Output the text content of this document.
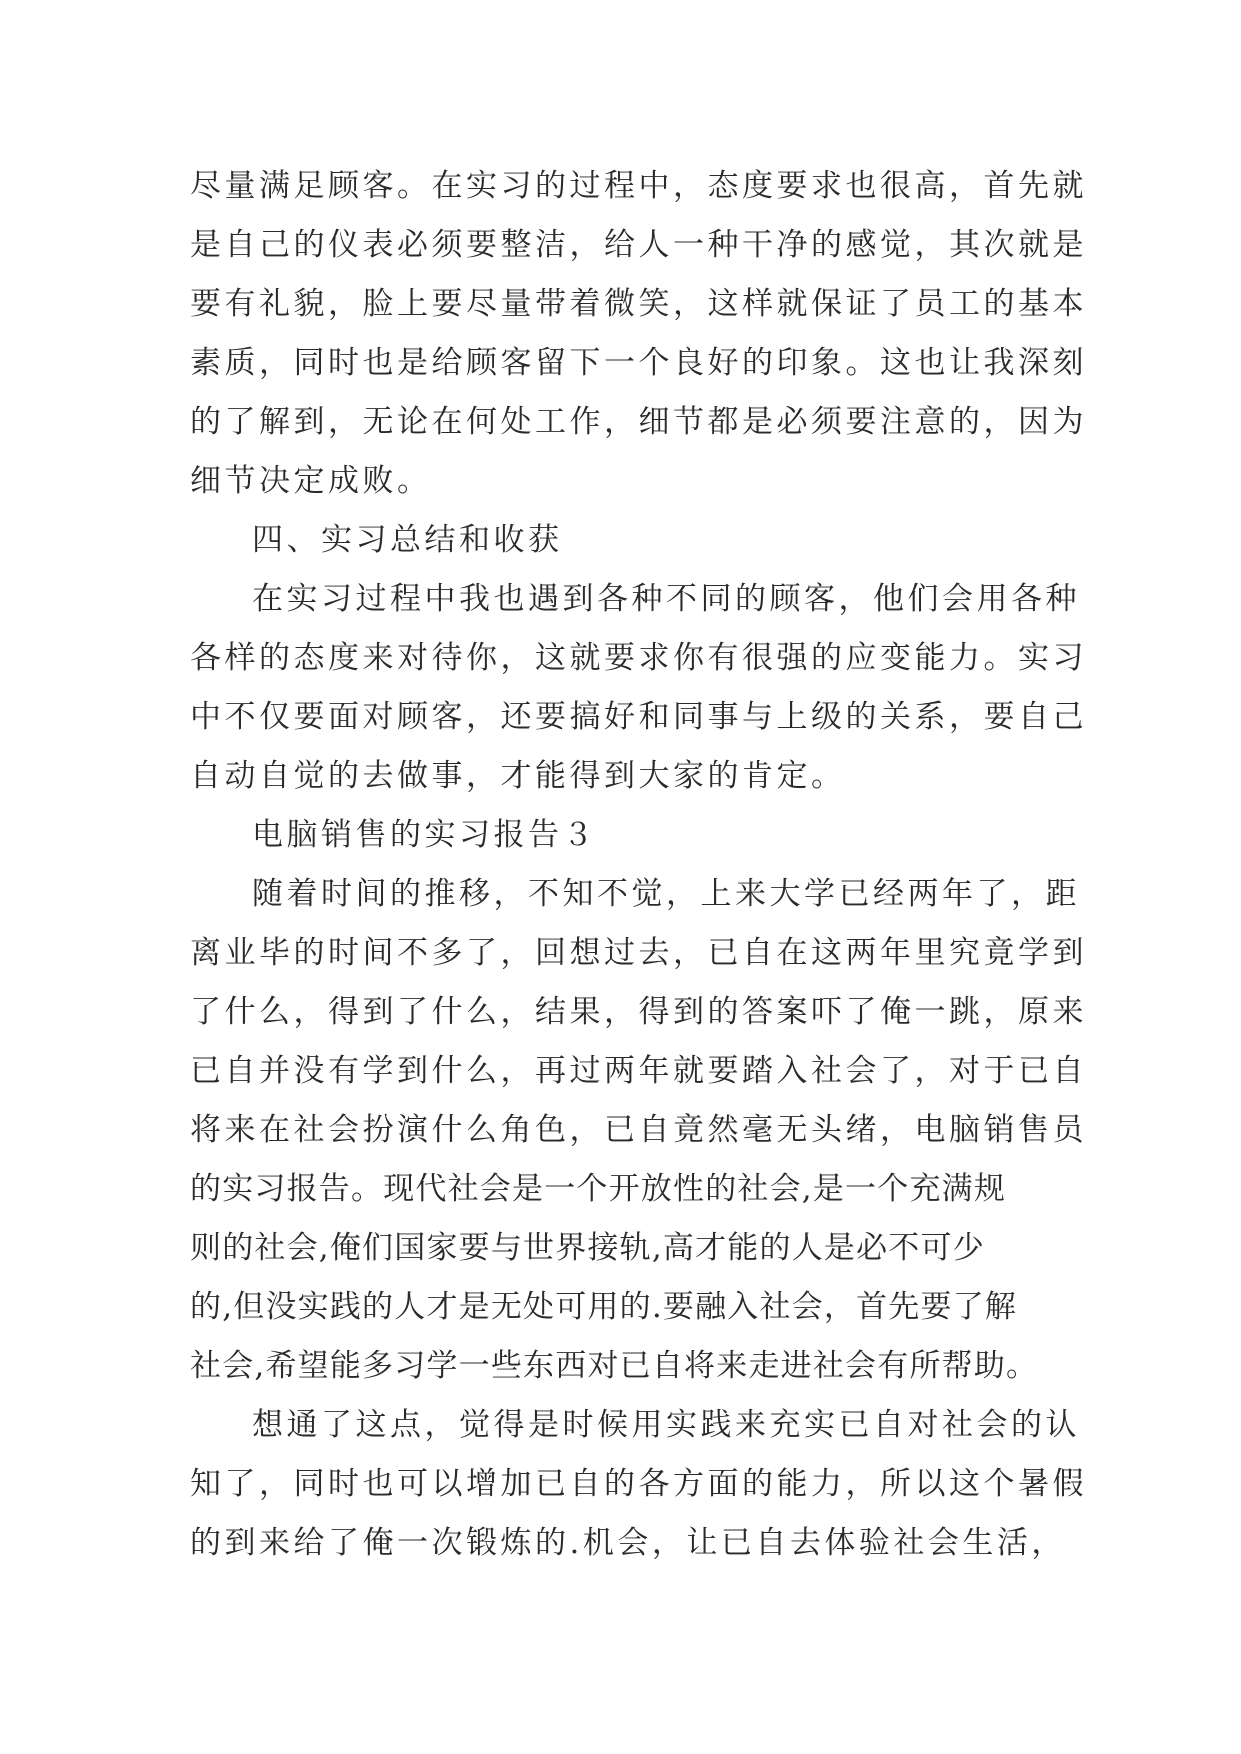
尽量满足顾客。在实习的过程中，态度要求也很高，首先就
是自己的仪表必须要整洁，给人一种干净的感觉，其次就是
要有礼貌，脸上要尽量带着微笑，这样就保证了员工的基本
素质，同时也是给顾客留下一个良好的印象。这也让我深刻
的了解到，无论在何处工作，细节都是必须要注意的，因为
细节决定成败。
四、实习总结和收获
在实习过程中我也遇到各种不同的顾客，他们会用各种
各样的态度来对待你，这就要求你有很强的应变能力。实习
中不仅要面对顾客，还要搞好和同事与上级的关系，要自己
自动自觉的去做事，才能得到大家的肯定。
电脑销售的实习报告３
随着时间的推移，不知不觉，上来大学已经两年了，距
离业毕的时间不多了，回想过去，已自在这两年里究竟学到
了什么，得到了什么，结果，得到的答案吓了俺一跳，原来
已自并没有学到什么，再过两年就要踏入社会了，对于已自
将来在社会扮演什么角色，已自竟然毫无头绪，电脑销售员
的实习报告。现代社会是一个开放性的社会,是一个充满规
则的社会,俺们国家要与世界接轨,高才能的人是必不可少
的,但没实践的人才是无处可用的.要融入社会，首先要了解
社会,希望能多习学一些东西对已自将来走进社会有所帮助。
想通了这点，觉得是时候用实践来充实已自对社会的认
知了，同时也可以增加已自的各方面的能力，所以这个暑假
的到来给了俺一次锻炼的.机会，让已自去体验社会生活，
